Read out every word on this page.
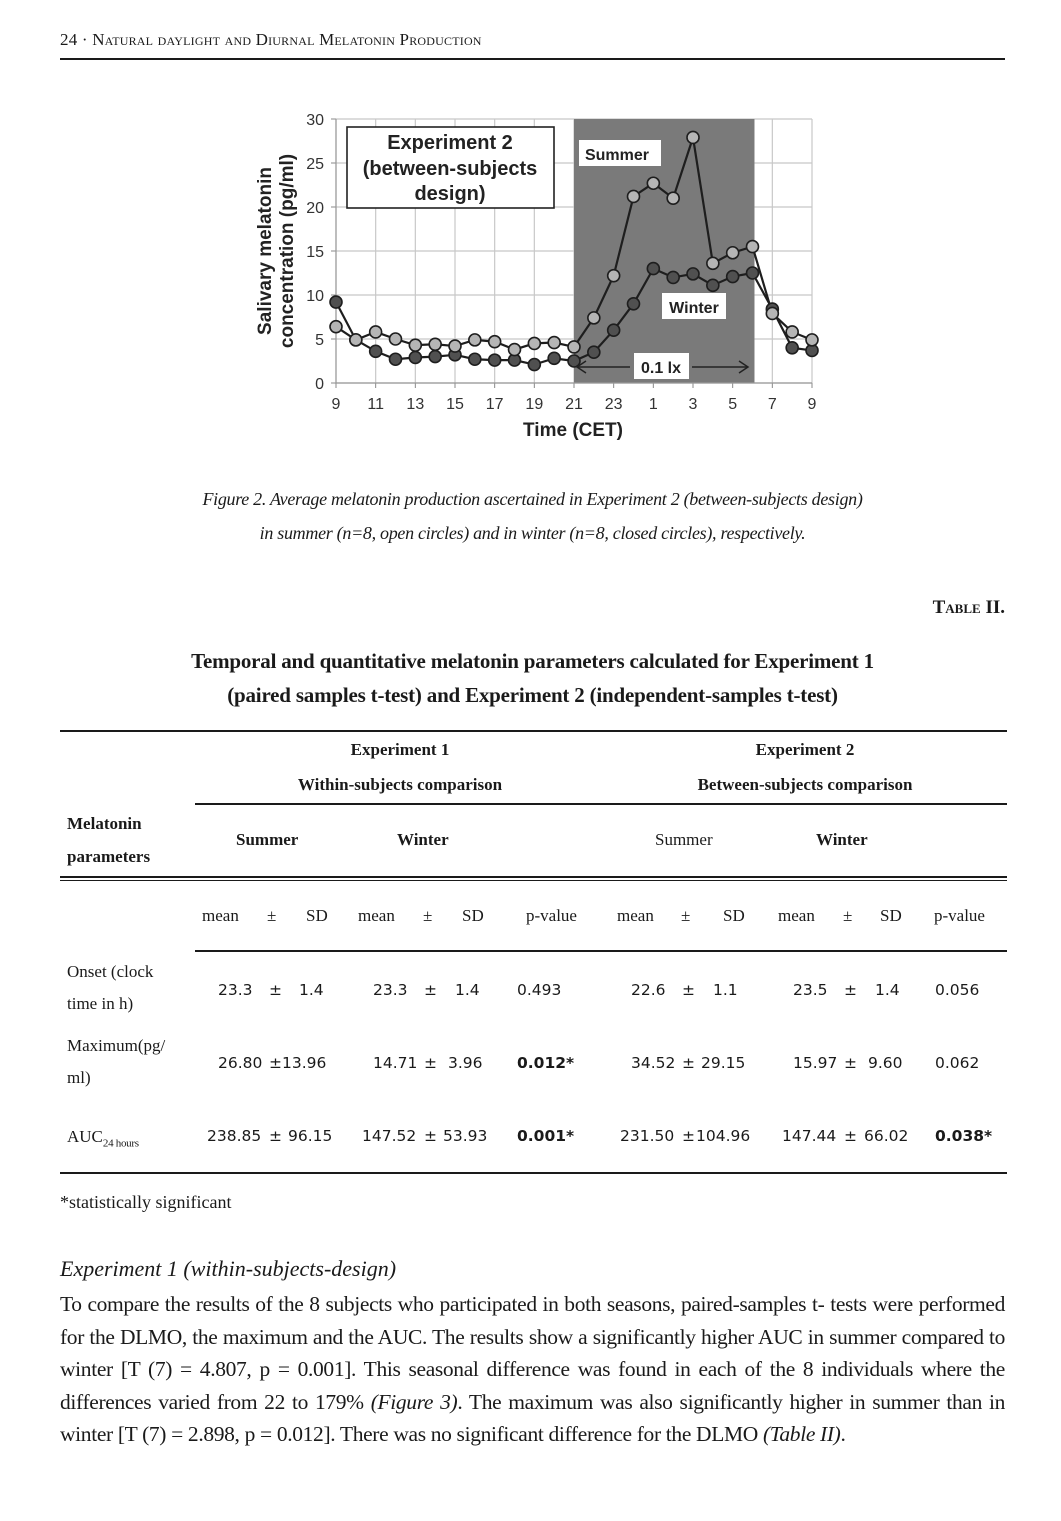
24 · Natural daylight and Diurnal Melatonin Production
9 11 13 15 17 19 21 23 1 3 5 7 9
0
5
10
15
20
25
30
Experiment 2
(between-subjects
design)
Summer
Winter
0.1 lx
Time (CET)
Salivary melatonin concentration (pg/ml)
Figure 2. Average melatonin production ascertained in Experiment 2 (between-subjects design)
in summer (n=8, open circles) and in winter (n=8, closed circles), respectively.
Table II.
Temporal and quantitative melatonin parameters calculated for Experiment 1
(paired samples t-test) and Experiment 2 (independent-samples t-test)
Experiment 1
Within-subjects comparison
Experiment 2
Between-subjects comparison
Melatonin
parameters
Summer	Winter	Summer	Winter
mean ± SD mean ± SD p-value mean ± SD mean ± SD p-value
Onset (clock
time in h)
23.3 ± 1.4	23.3 ± 1.4 0.493	22.6 ± 1.1	23.5 ± 1.4 0.056
Maximum(pg/
ml)
26.80 ± 13.96	14.71 ± 3.96 0.012*	34.52 ± 29.15	15.97 ± 9.60 0.062
$AUC_{24 hours}$	238.85 ± 96.15 147.52 ± 53.93 0.001*	231.50 ± 104.96 147.44 ± 66.02 0.038*
*statistically significant
Experiment 1 (within-subjects-design)
To compare the results of the 8 subjects who participated in both seasons, paired-samples t- tests were performed for the DLMO, the maximum and the AUC. The results show a significantly higher AUC in summer compared to winter [T (7) = 4.807, p = 0.001]. This seasonal difference was found in each of the 8 individuals where the differences varied from 22 to 179% (Figure 3). The maximum was also significantly higher in summer than in winter [T (7) = 2.898, p = 0.012]. There was no significant difference for the DLMO (Table II).
